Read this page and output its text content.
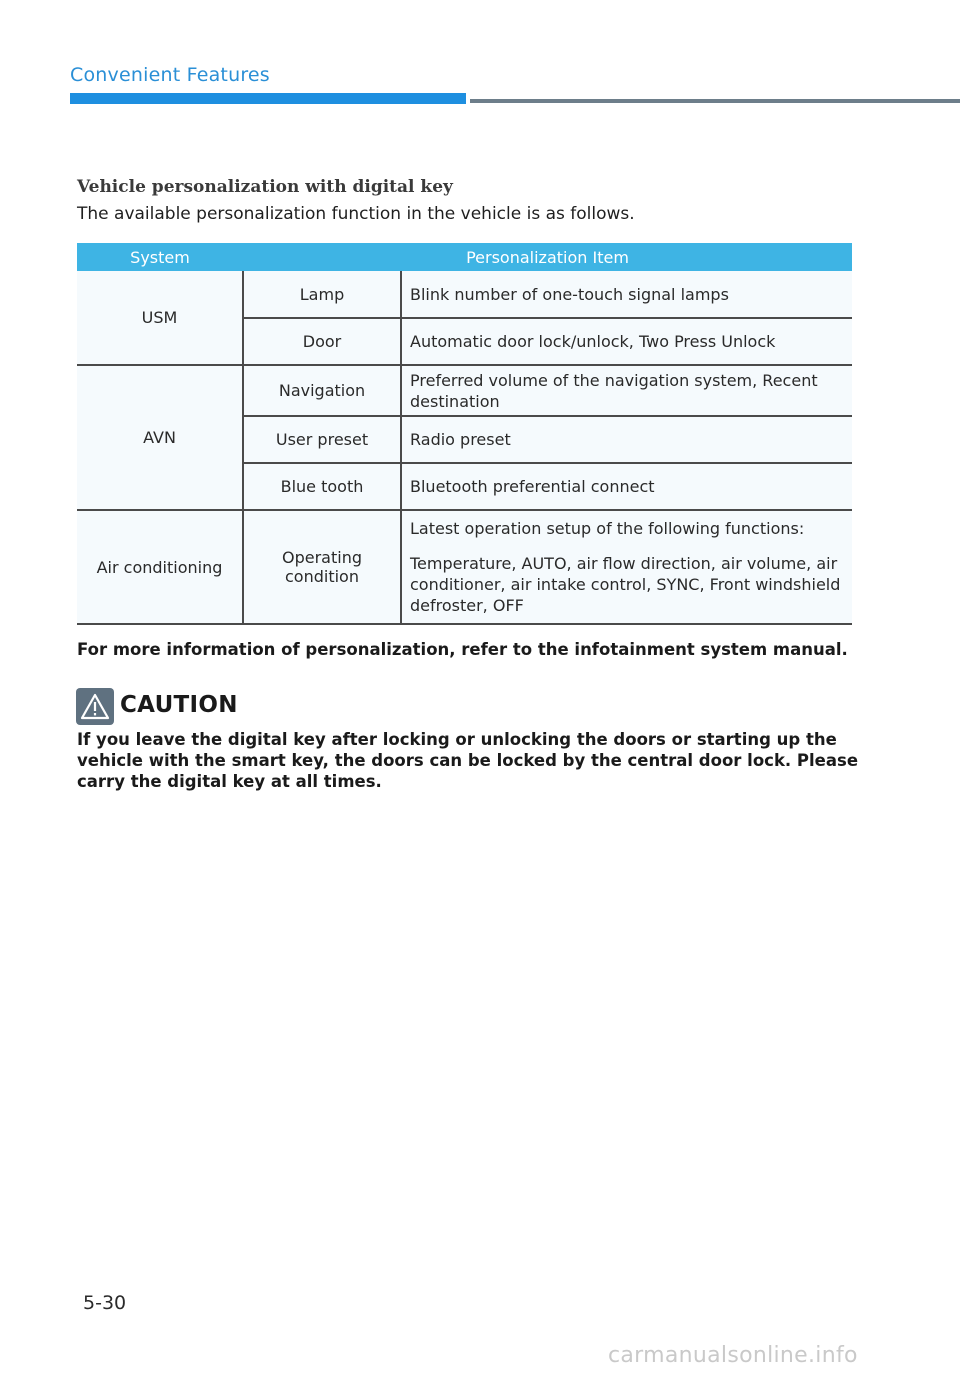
Convenient Features
Vehicle personalization with digital key
The available personalization function in the vehicle is as follows.
System	Personalization Item	
USM	Lamp	Blink number of one-touch signal lamps
	Door	Automatic door lock/unlock, Two Press Unlock
AVN	Navigation	Preferred volume of the navigation system, Recent destination
	User preset	Radio preset
	Blue tooth	Bluetooth preferential connect
Air conditioning	Operating condition	Latest operation setup of the following functions:
Temperature, AUTO, air flow direction, air volume, air conditioner, air intake control, SYNC, Front windshield defroster, OFF
For more information of personalization, refer to the infotainment system manual.
CAUTION
If you leave the digital key after locking or unlocking the doors or starting up the vehicle with the smart key, the doors can be locked by the central door lock. Please carry the digital key at all times.
5-30
carmanualsonline.info
